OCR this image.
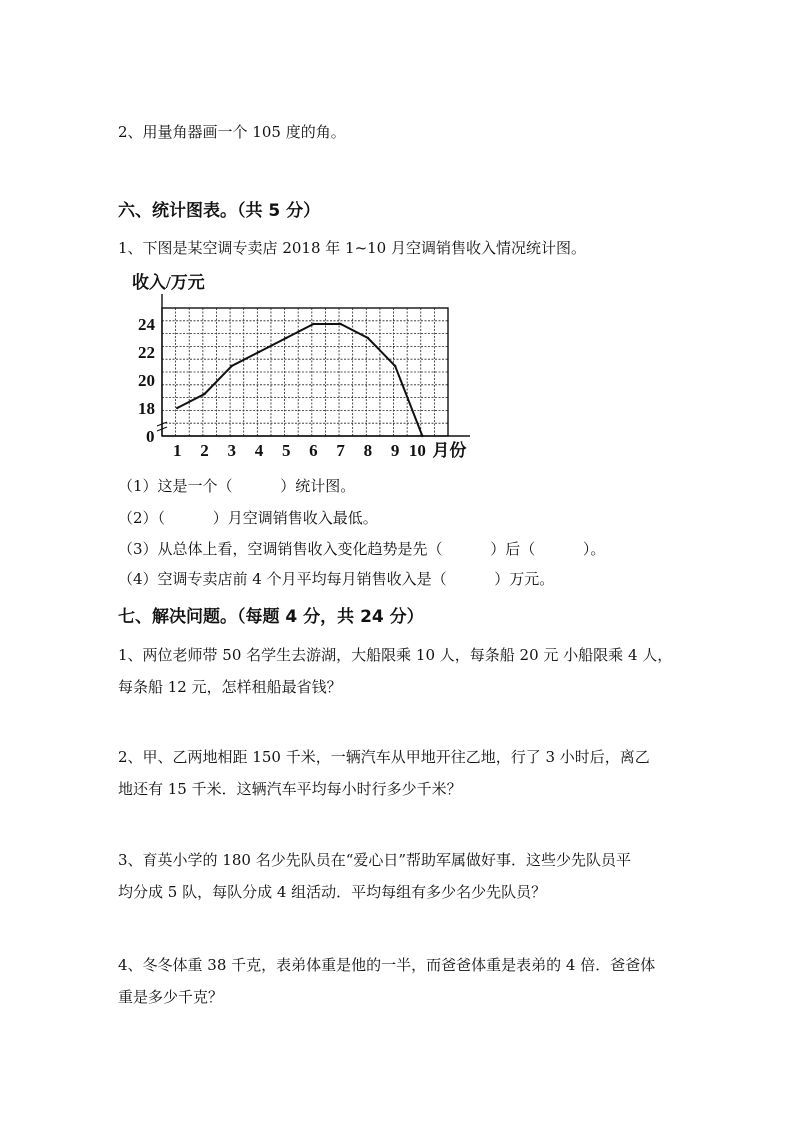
2、用量角器画一个 105 度的角。
六、统计图表。（共 5 分）
1、下图是某空调专卖店 2018 年 1~10 月空调销售收入情况统计图。
24
22
20
18
0
1 2 3 4 5 6 7 8 9 10 月份
收入/万元
（1）这是一个（          ）统计图。
（2）（          ）月空调销售收入最低。
（3）从总体上看，空调销售收入变化趋势是先（          ）后（          ）。
（4）空调专卖店前 4 个月平均每月销售收入是（          ）万元。
七、解决问题。（每题 4 分，共 24 分）
1、两位老师带 50 名学生去游湖，大船限乘 10 人，每条船 20 元 小船限乘 4 人，
每条船 12 元，怎样租船最省钱？
2、甲、乙两地相距 150 千米，一辆汽车从甲地开往乙地，行了 3 小时后，离乙
地还有 15 千米．这辆汽车平均每小时行多少千米？
3、育英小学的 180 名少先队员在“爱心日”帮助军属做好事．这些少先队员平
均分成 5 队，每队分成 4 组活动．平均每组有多少名少先队员？
4、冬冬体重 38 千克，表弟体重是他的一半，而爸爸体重是表弟的 4 倍．爸爸体
重是多少千克？
